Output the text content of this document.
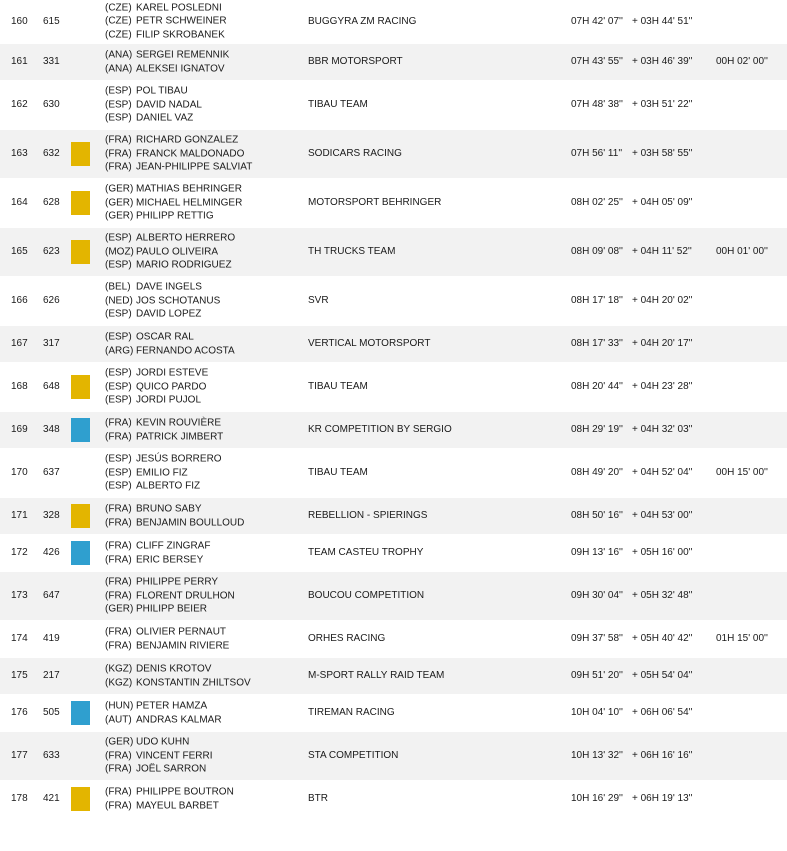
160 615
(CZE) KAREL POSLEDNI
(CZE) PETR SCHWEINER
(CZE) FILIP SKROBANEK
BUGGYRA ZM RACING	07H 42' 07'' + 03H 44' 51''
161 331
(ANA) SERGEI REMENNIK
(ANA) ALEKSEI IGNATOV
BBR MOTORSPORT	07H 43' 55'' + 03H 46' 39'' 00H 02' 00''
162 630
(ESP) POL TIBAU
(ESP) DAVID NADAL
(ESP) DANIEL VAZ
TIBAU TEAM	07H 48' 38'' + 03H 51' 22''
163 632
(FRA) RICHARD GONZALEZ
(FRA) FRANCK MALDONADO
(FRA) JEAN-PHILIPPE SALVIAT
SODICARS RACING	07H 56' 11'' + 03H 58' 55''
164 628
(GER) MATHIAS BEHRINGER
(GER) MICHAEL HELMINGER
(GER) PHILIPP RETTIG
MOTORSPORT BEHRINGER	08H 02' 25'' + 04H 05' 09''
165 623
(ESP) ALBERTO HERRERO
(MOZ) PAULO OLIVEIRA
(ESP) MARIO RODRIGUEZ
TH TRUCKS TEAM	08H 09' 08'' + 04H 11' 52'' 00H 01' 00''
166 626
(BEL) DAVE INGELS
(NED) JOS SCHOTANUS
(ESP) DAVID LOPEZ
SVR	08H 17' 18'' + 04H 20' 02''
167 317
(ESP) OSCAR RAL
(ARG) FERNANDO ACOSTA
VERTICAL MOTORSPORT	08H 17' 33'' + 04H 20' 17''
168 648
(ESP) JORDI ESTEVE
(ESP) QUICO PARDO
(ESP) JORDI PUJOL
TIBAU TEAM	08H 20' 44'' + 04H 23' 28''
169 348
(FRA) KEVIN ROUVIÈRE
(FRA) PATRICK JIMBERT
KR COMPETITION BY SERGIO	08H 29' 19'' + 04H 32' 03''
170 637
(ESP) JESÚS BORRERO
(ESP) EMILIO FIZ
(ESP) ALBERTO FIZ
TIBAU TEAM	08H 49' 20'' + 04H 52' 04'' 00H 15' 00''
171 328
(FRA) BRUNO SABY
(FRA) BENJAMIN BOULLOUD
REBELLION - SPIERINGS	08H 50' 16'' + 04H 53' 00''
172 426
(FRA) CLIFF ZINGRAF
(FRA) ERIC BERSEY
TEAM CASTEU TROPHY	09H 13' 16'' + 05H 16' 00''
173 647
(FRA) PHILIPPE PERRY
(FRA) FLORENT DRULHON
(GER) PHILIPP BEIER
BOUCOU COMPETITION	09H 30' 04'' + 05H 32' 48''
174 419
(FRA) OLIVIER PERNAUT
(FRA) BENJAMIN RIVIERE
ORHES RACING	09H 37' 58'' + 05H 40' 42'' 01H 15' 00''
175 217
(KGZ) DENIS KROTOV
(KGZ) KONSTANTIN ZHILTSOV
M-SPORT RALLY RAID TEAM	09H 51' 20'' + 05H 54' 04''
176 505
(HUN) PETER HAMZA
(AUT) ANDRAS KALMAR
TIREMAN RACING	10H 04' 10'' + 06H 06' 54''
177 633
(GER) UDO KUHN
(FRA) VINCENT FERRI
(FRA) JOËL SARRON
STA COMPETITION	10H 13' 32'' + 06H 16' 16''
178 421
(FRA) PHILIPPE BOUTRON
(FRA) MAYEUL BARBET
BTR	10H 16' 29'' + 06H 19' 13''
